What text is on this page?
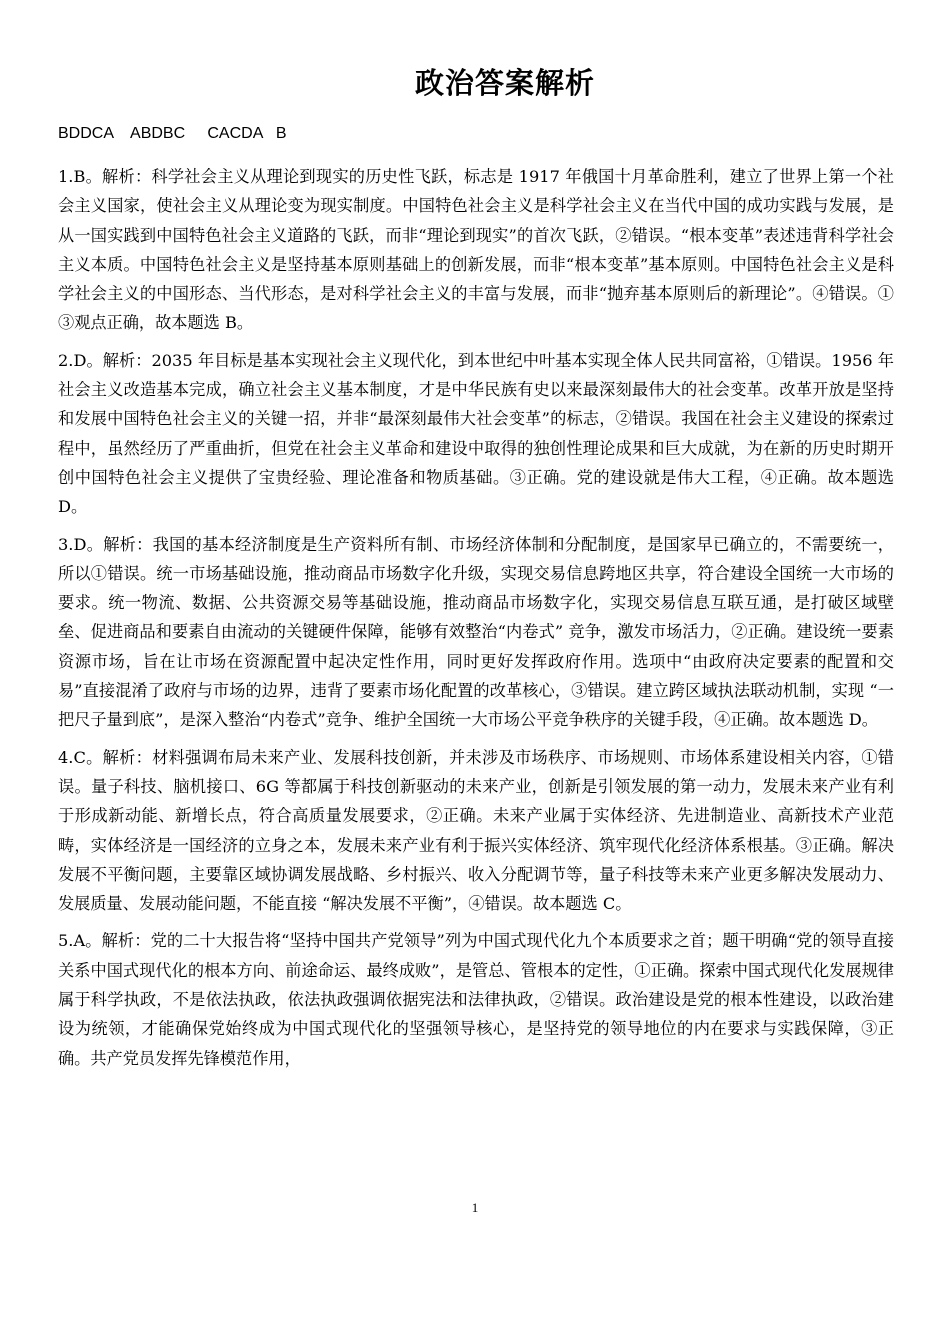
政治答案解析
BDDCA    ABDBC     CACDA   B

1.B。解析：科学社会主义从理论到现实的历史性飞跃，标志是 1917 年俄国十月革命胜利，建立了世界上第一个社会主义国家，使社会主义从理论变为现实制度。中国特色社会主义是科学社会主义在当代中国的成功实践与发展，是从一国实践到中国特色社会主义道路的飞跃，而非“理论到现实”的首次飞跃，②错误。“根本变革”表述违背科学社会主义本质。中国特色社会主义是坚持基本原则基础上的创新发展，而非“根本变革”基本原则。中国特色社会主义是科学社会主义的中国形态、当代形态，是对科学社会主义的丰富与发展，而非“抛弃基本原则后的新理论”。④错误。①③观点正确，故本题选 B。

2.D。解析：2035 年目标是基本实现社会主义现代化，到本世纪中叶基本实现全体人民共同富裕，①错误。1956 年社会主义改造基本完成，确立社会主义基本制度，才是中华民族有史以来最深刻最伟大的社会变革。改革开放是坚持和发展中国特色社会主义的关键一招，并非“最深刻最伟大社会变革”的标志，②错误。我国在社会主义建设的探索过程中，虽然经历了严重曲折，但党在社会主义革命和建设中取得的独创性理论成果和巨大成就，为在新的历史时期开创中国特色社会主义提供了宝贵经验、理论准备和物质基础。③正确。党的建设就是伟大工程，④正确。故本题选 D。

3.D。解析：我国的基本经济制度是生产资料所有制、市场经济体制和分配制度，是国家早已确立的，不需要统一，所以①错误。统一市场基础设施，推动商品市场数字化升级，实现交易信息跨地区共享，符合建设全国统一大市场的要求。统一物流、数据、公共资源交易等基础设施，推动商品市场数字化，实现交易信息互联互通，是打破区域壁垒、促进商品和要素自由流动的关键硬件保障，能够有效整治“内卷式” 竞争，激发市场活力，②正确。建设统一要素资源市场，旨在让市场在资源配置中起决定性作用，同时更好发挥政府作用。选项中“由政府决定要素的配置和交易”直接混淆了政府与市场的边界，违背了要素市场化配置的改革核心，③错误。建立跨区域执法联动机制，实现 “一把尺子量到底”，是深入整治“内卷式”竞争、维护全国统一大市场公平竞争秩序的关键手段，④正确。故本题选 D。

4.C。解析：材料强调布局未来产业、发展科技创新，并未涉及市场秩序、市场规则、市场体系建设相关内容，①错误。量子科技、脑机接口、6G 等都属于科技创新驱动的未来产业，创新是引领发展的第一动力，发展未来产业有利于形成新动能、新增长点，符合高质量发展要求，②正确。未来产业属于实体经济、先进制造业、高新技术产业范畴，实体经济是一国经济的立身之本，发展未来产业有利于振兴实体经济、筑牢现代化经济体系根基。③正确。解决发展不平衡问题，主要靠区域协调发展战略、乡村振兴、收入分配调节等，量子科技等未来产业更多解决发展动力、发展质量、发展动能问题，不能直接 “解决发展不平衡”，④错误。故本题选 C。

5.A。解析：党的二十大报告将“坚持中国共产党领导”列为中国式现代化九个本质要求之首；题干明确“党的领导直接关系中国式现代化的根本方向、前途命运、最终成败”，是管总、管根本的定性，①正确。探索中国式现代化发展规律属于科学执政，不是依法执政，依法执政强调依据宪法和法律执政，②错误。政治建设是党的根本性建设，以政治建设为统领，才能确保党始终成为中国式现代化的坚强领导核心，是坚持党的领导地位的内在要求与实践保障，③正确。共产党员发挥先锋模范作用，

1
